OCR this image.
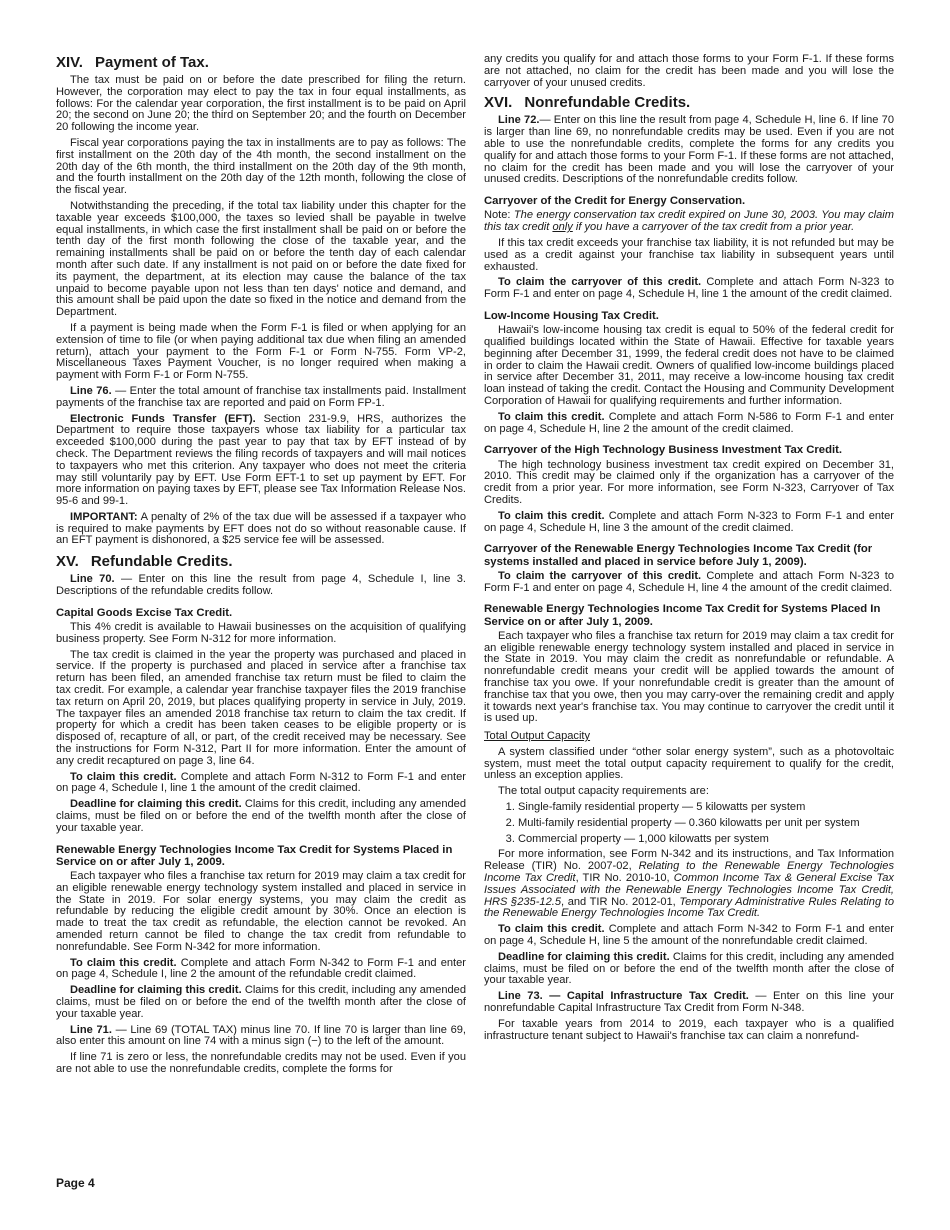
XIV. Payment of Tax.

The tax must be paid on or before the date prescribed for filing the return. However, the corporation may elect to pay the tax in four equal installments, as follows: For the calendar year corporation, the first installment is to be paid on April 20; the second on June 20; the third on September 20; and the fourth on December 20 following the income year.

Fiscal year corporations paying the tax in installments are to pay as follows: The first installment on the 20th day of the 4th month, the second installment on the 20th day of the 6th month, the third installment on the 20th day of the 9th month, and the fourth installment on the 20th day of the 12th month, following the close of the fiscal year.

Notwithstanding the preceding, if the total tax liability under this chapter for the taxable year exceeds $100,000, the taxes so levied shall be payable in twelve equal installments, in which case the first installment shall be paid on or before the tenth day of the first month following the close of the taxable year, and the remaining installments shall be paid on or before the tenth day of each calendar month after such date. If any installment is not paid on or before the date fixed for its payment, the department, at its election may cause the balance of the tax unpaid to become payable upon not less than ten days' notice and demand, and this amount shall be paid upon the date so fixed in the notice and demand from the Department.

If a payment is being made when the Form F-1 is filed or when applying for an extension of time to file (or when paying additional tax due when filing an amended return), attach your payment to the Form F-1 or Form N-755. Form VP-2, Miscellaneous Taxes Payment Voucher, is no longer required when making a payment with Form F-1 or Form N-755.

Line 76. — Enter the total amount of franchise tax installments paid. Installment payments of the franchise tax are reported and paid on Form FP-1.

Electronic Funds Transfer (EFT). Section 231-9.9, HRS, authorizes the Department to require those taxpayers whose tax liability for a particular tax exceeded $100,000 during the past year to pay that tax by EFT instead of by check. The Department reviews the filing records of taxpayers and will mail notices to taxpayers who met this criterion. Any taxpayer who does not meet the criteria may still voluntarily pay by EFT. Use Form EFT-1 to set up payment by EFT. For more information on paying taxes by EFT, please see Tax Information Release Nos. 95-6 and 99-1.

IMPORTANT: A penalty of 2% of the tax due will be assessed if a taxpayer who is required to make payments by EFT does not do so without reasonable cause. If an EFT payment is dishonored, a $25 service fee will be assessed.

XV. Refundable Credits.

Line 70. — Enter on this line the result from page 4, Schedule I, line 3. Descriptions of the refundable credits follow.

Capital Goods Excise Tax Credit.

This 4% credit is available to Hawaii businesses on the acquisition of qualifying business property. See Form N-312 for more information.

The tax credit is claimed in the year the property was purchased and placed in service. If the property is purchased and placed in service after a franchise tax return has been filed, an amended franchise tax return must be filed to claim the tax credit. For example, a calendar year franchise taxpayer files the 2019 franchise tax return on April 20, 2019, but places qualifying property in service in July, 2019. The taxpayer files an amended 2018 franchise tax return to claim the tax credit. If property for which a credit has been taken ceases to be eligible property or is disposed of, recapture of all, or part, of the credit received may be necessary. See the instructions for Form N-312, Part II for more information. Enter the amount of any credit recaptured on page 3, line 64.

To claim this credit. Complete and attach Form N-312 to Form F-1 and enter on page 4, Schedule I, line 1 the amount of the credit claimed.

Deadline for claiming this credit. Claims for this credit, including any amended claims, must be filed on or before the end of the twelfth month after the close of your taxable year.

Renewable Energy Technologies Income Tax Credit for Systems Placed in Service on or after July 1, 2009.

Each taxpayer who files a franchise tax return for 2019 may claim a tax credit for an eligible renewable energy technology system installed and placed in service in the State in 2019. For solar energy systems, you may claim the credit as refundable by reducing the eligible credit amount by 30%. Once an election is made to treat the tax credit as refundable, the election cannot be revoked. An amended return cannot be filed to change the tax credit from refundable to nonrefundable. See Form N-342 for more information.

To claim this credit. Complete and attach Form N-342 to Form F-1 and enter on page 4, Schedule I, line 2 the amount of the refundable credit claimed.

Deadline for claiming this credit. Claims for this credit, including any amended claims, must be filed on or before the end of the twelfth month after the close of your taxable year.

Line 71. — Line 69 (TOTAL TAX) minus line 70. If line 70 is larger than line 69, also enter this amount on line 74 with a minus sign (−) to the left of the amount.

If line 71 is zero or less, the nonrefundable credits may not be used. Even if you are not able to use the nonrefundable credits, complete the forms for

any credits you qualify for and attach those forms to your Form F-1. If these forms are not attached, no claim for the credit has been made and you will lose the carryover of your unused credits.

XVI. Nonrefundable Credits.

Line 72.— Enter on this line the result from page 4, Schedule H, line 6. If line 70 is larger than line 69, no nonrefundable credits may be used. Even if you are not able to use the nonrefundable credits, complete the forms for any credits you qualify for and attach those forms to your Form F-1. If these forms are not attached, no claim for the credit has been made and you will lose the carryover of your unused credits. Descriptions of the nonrefundable credits follow.

Carryover of the Credit for Energy Conservation.

Note: The energy conservation tax credit expired on June 30, 2003. You may claim this tax credit only if you have a carryover of the tax credit from a prior year.

If this tax credit exceeds your franchise tax liability, it is not refunded but may be used as a credit against your franchise tax liability in subsequent years until exhausted.

To claim the carryover of this credit. Complete and attach Form N-323 to Form F-1 and enter on page 4, Schedule H, line 1 the amount of the credit claimed.

Low-Income Housing Tax Credit.

Hawaii's low-income housing tax credit is equal to 50% of the federal credit for qualified buildings located within the State of Hawaii. Effective for taxable years beginning after December 31, 1999, the federal credit does not have to be claimed in order to claim the Hawaii credit. Owners of qualified low-income buildings placed in service after December 31, 2011, may receive a low-income housing tax credit loan instead of taking the credit. Contact the Housing and Community Development Corporation of Hawaii for qualifying requirements and further information.

To claim this credit. Complete and attach Form N-586 to Form F-1 and enter on page 4, Schedule H, line 2 the amount of the credit claimed.

Carryover of the High Technology Business Investment Tax Credit.

The high technology business investment tax credit expired on December 31, 2010. This credit may be claimed only if the organization has a carryover of the credit from a prior year. For more information, see Form N-323, Carryover of Tax Credits.

To claim this credit. Complete and attach Form N-323 to Form F-1 and enter on page 4, Schedule H, line 3 the amount of the credit claimed.

Carryover of the Renewable Energy Technologies Income Tax Credit (for systems installed and placed in service before July 1, 2009).

To claim the carryover of this credit. Complete and attach Form N-323 to Form F-1 and enter on page 4, Schedule H, line 4 the amount of the credit claimed.

Renewable Energy Technologies Income Tax Credit for Systems Placed In Service on or after July 1, 2009.

Each taxpayer who files a franchise tax return for 2019 may claim a tax credit for an eligible renewable energy technology system installed and placed in service in the State in 2019. You may claim the credit as nonrefundable or refundable. A nonrefundable credit means your credit will be applied towards the amount of franchise tax you owe. If your nonrefundable credit is greater than the amount of franchise tax that you owe, then you may carry-over the remaining credit and apply it towards next year's franchise tax. You may continue to carryover the credit until it is used up.

Total Output Capacity

A system classified under “other solar energy system”, such as a photovoltaic system, must meet the total output capacity requirement to qualify for the credit, unless an exception applies.

The total output capacity requirements are:

1. Single-family residential property — 5 kilowatts per system
2. Multi-family residential property — 0.360 kilowatts per unit per system
3. Commercial property — 1,000 kilowatts per system

For more information, see Form N-342 and its instructions, and Tax Information Release (TIR) No. 2007-02, Relating to the Renewable Energy Technologies Income Tax Credit, TIR No. 2010-10, Common Income Tax & General Excise Tax Issues Associated with the Renewable Energy Technologies Income Tax Credit, HRS §235-12.5, and TIR No. 2012-01, Temporary Administrative Rules Relating to the Renewable Energy Technologies Income Tax Credit.

To claim this credit. Complete and attach Form N-342 to Form F-1 and enter on page 4, Schedule H, line 5 the amount of the nonrefundable credit claimed.

Deadline for claiming this credit. Claims for this credit, including any amended claims, must be filed on or before the end of the twelfth month after the close of your taxable year.

Line 73. — Capital Infrastructure Tax Credit. — Enter on this line your nonrefundable Capital Infrastructure Tax Credit from Form N-348.

For taxable years from 2014 to 2019, each taxpayer who is a qualified infrastructure tenant subject to Hawaii's franchise tax can claim a nonrefund-

Page 4
